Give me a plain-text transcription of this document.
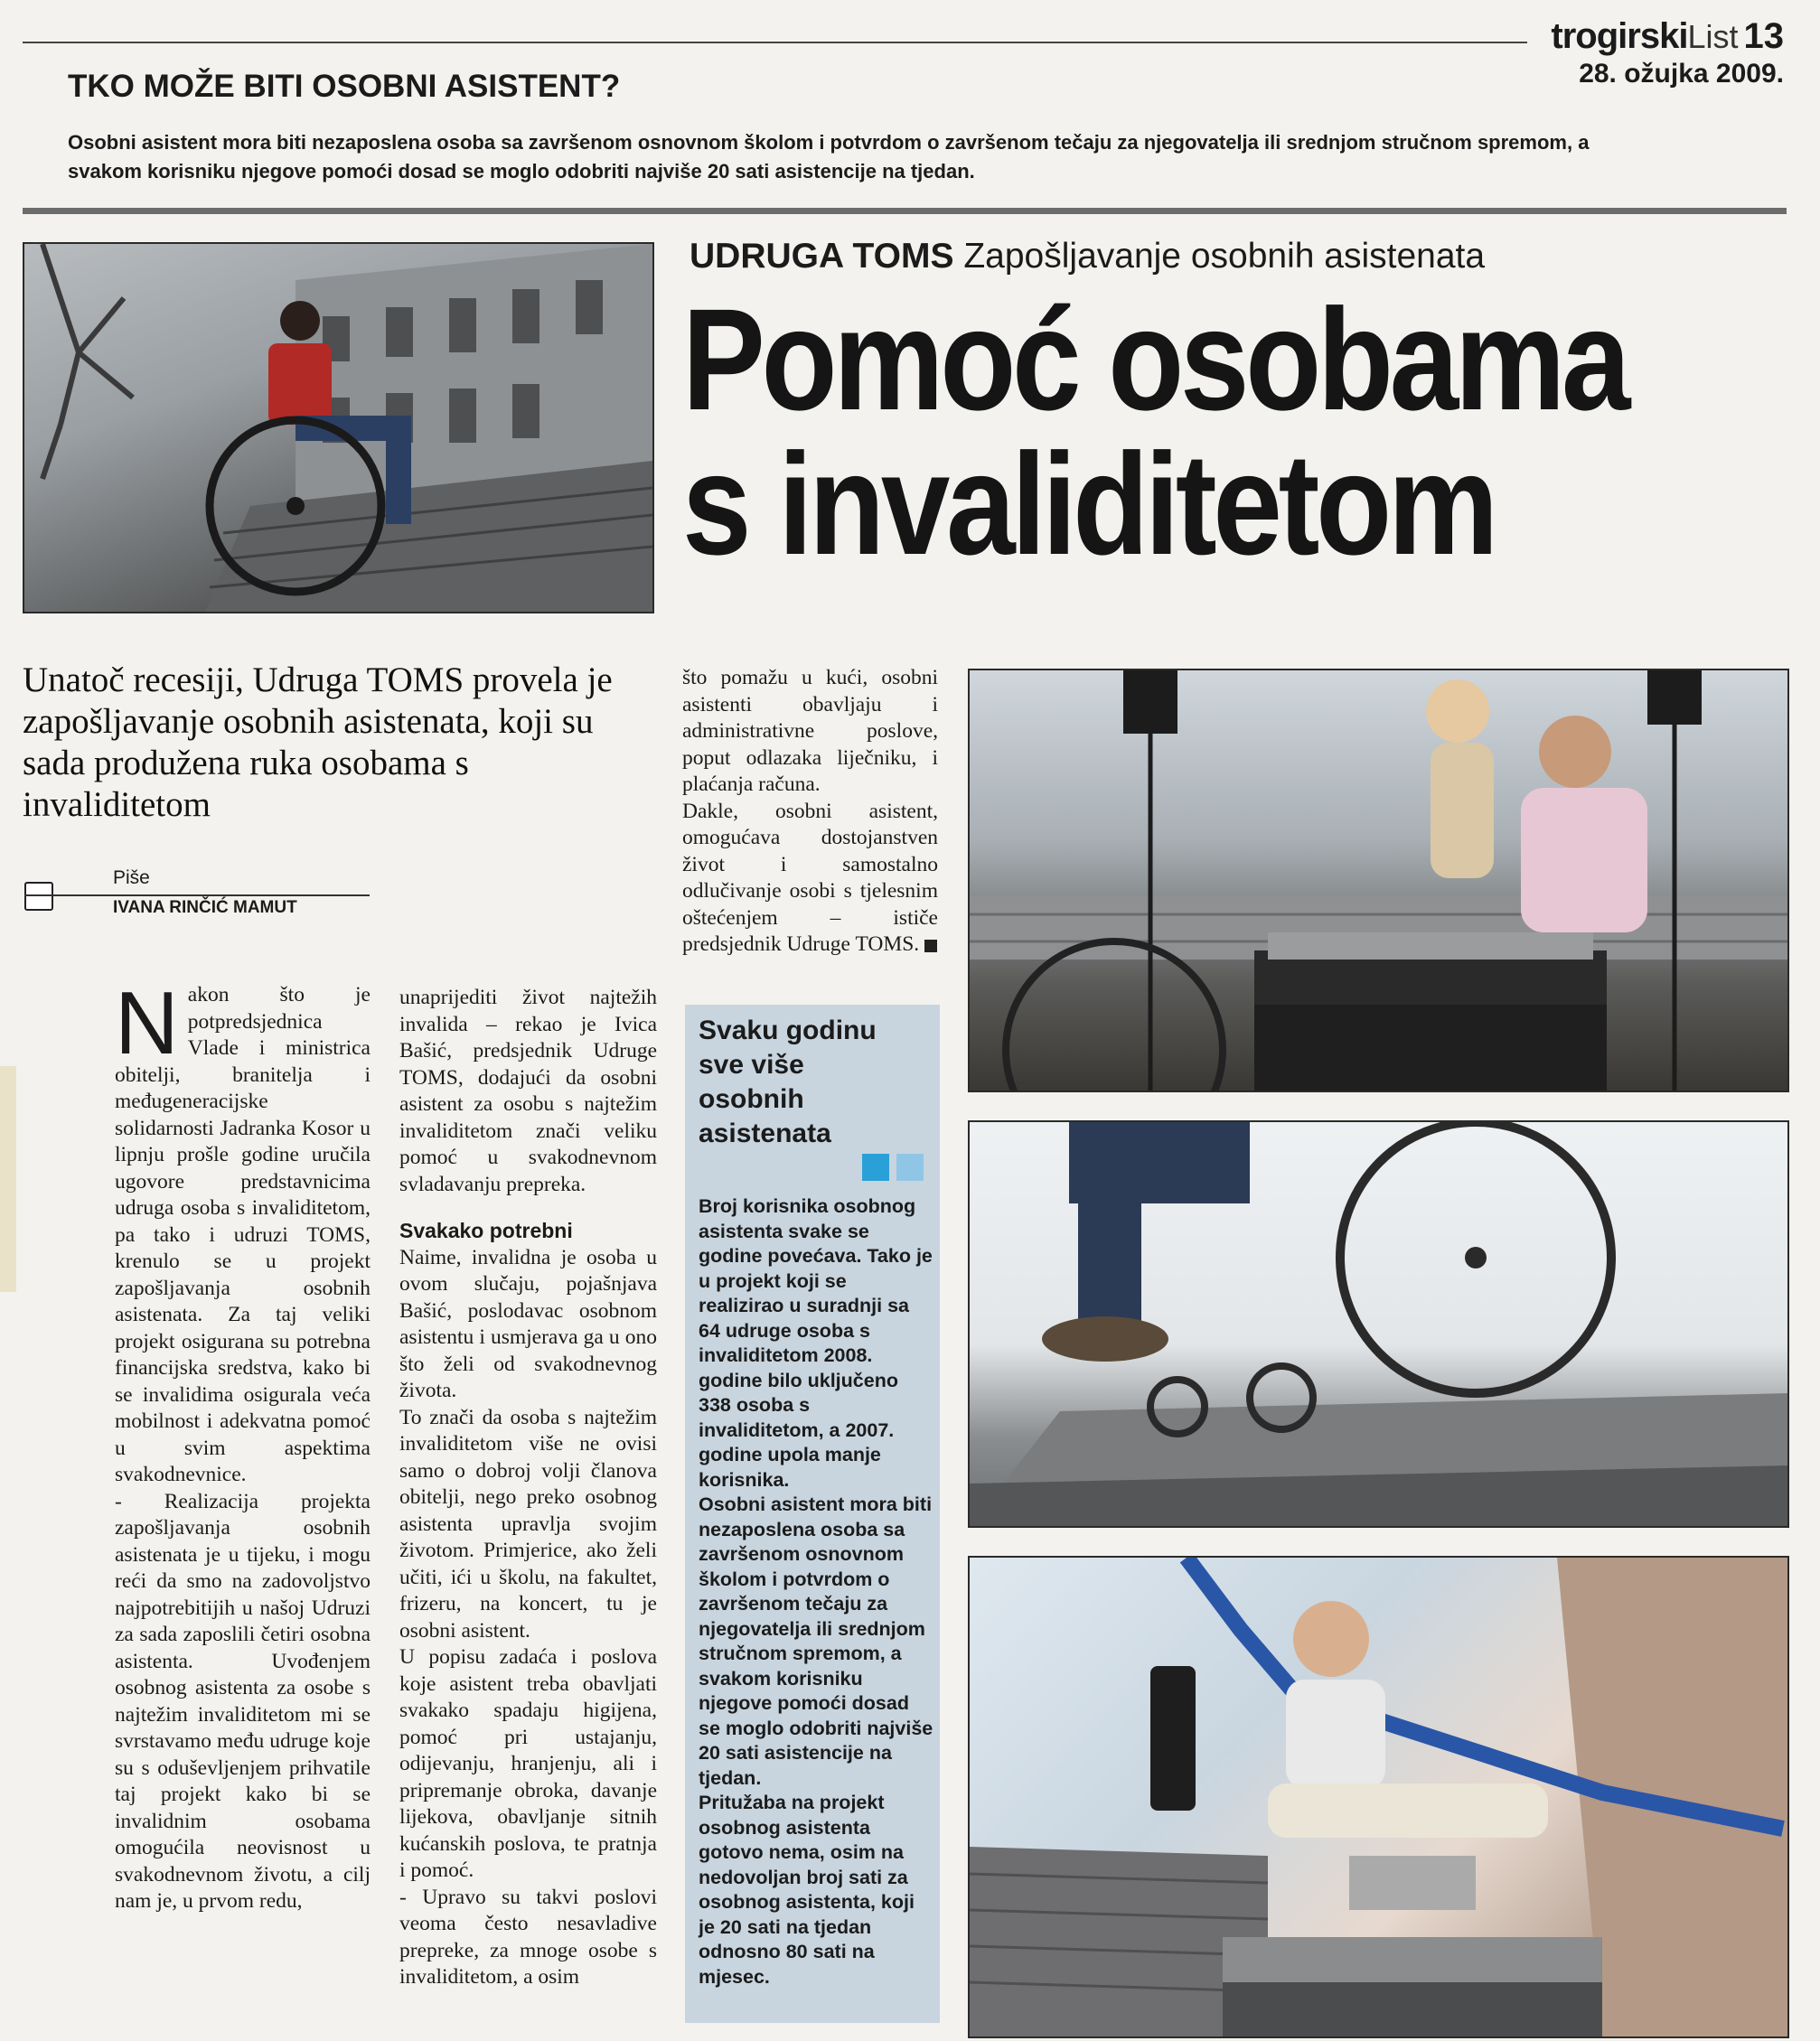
trogirskiList 13
28. ožujka 2009.
TKO MOŽE BITI OSOBNI ASISTENT?
Osobni asistent mora biti nezaposlena osoba sa završenom osnovnom školom i potvrdom o završenom tečaju za njegovatelja ili srednjom stručnom spremom, a svakom korisniku njegove pomoći dosad se moglo odobriti najviše 20 sati asistencije na tjedan.
UDRUGA TOMS Zapošljavanje osobnih asistenata
Pomoć osobama
s invaliditetom
Unatoč recesiji, Udruga TOMS provela je zapošljavanje osobnih asistenata, koji su sada produžena ruka osobama s invaliditetom
Piše
IVANA RINČIĆ MAMUT

Nakon što je potpredsjednica Vlade i ministrica obitelji, branitelja i međugeneracijske solidarnosti Jadranka Kosor u lipnju prošle godine uručila ugovore predstavnicima udruga osoba s invaliditetom, pa tako i udruzi TOMS, krenulo se u projekt zapošljavanja osobnih asistenata. Za taj veliki projekt osigurana su potrebna financijska sredstva, kako bi se invalidima osigurala veća mobilnost i adekvatna pomoć u svim aspektima svakodnevnice.

- Realizacija projekta zapošljavanja osobnih asistenata je u tijeku, i mogu reći da smo na zadovoljstvo najpotrebitijih u našoj Udruzi za sada zaposlili četiri osobna asistenta. Uvođenjem osobnog asistenta za osobe s najtežim invaliditetom mi se svrstavamo među udruge koje su s oduševljenjem prihvatile taj projekt kako bi se invalidnim osobama omogućila neovisnost u svakodnevnom životu, a cilj nam je, u prvom redu,

unaprijediti život najtežih invalida – rekao je Ivica Bašić, predsjednik Udruge TOMS, dodajući da osobni asistent za osobu s najtežim invaliditetom znači veliku pomoć u svakodnevnom svladavanju prepreka.

Svakako potrebni

Naime, invalidna je osoba u ovom slučaju, pojašnjava Bašić, poslodavac osobnom asistentu i usmjerava ga u ono što želi od svakodnevnog života.

To znači da osoba s najtežim invaliditetom više ne ovisi samo o dobroj volji članova obitelji, nego preko osobnog asistenta upravlja svojim životom. Primjerice, ako želi učiti, ići u školu, na fakultet, frizeru, na koncert, tu je osobni asistent.

U popisu zadaća i poslova koje asistent treba obavljati svakako spadaju higijena, pomoć pri ustajanju, odijevanju, hranjenju, ali i pripremanje obroka, davanje lijekova, obavljanje sitnih kućanskih poslova, te pratnja i pomoć.

- Upravo su takvi poslovi veoma često nesavladive prepreke, za mnoge osobe s invaliditetom, a osim

što pomažu u kući, osobni asistenti obavljaju i administrativne poslove, poput odlazaka liječniku, i plaćanja računa.

Dakle, osobni asistent, omogućava dostojanstven život i samostalno odlučivanje osobi s tjelesnim oštećenjem – ističe predsjednik Udruge TOMS.

Svaku godinu sve više osobnih asistenata

Broj korisnika osobnog asistenta svake se godine povećava. Tako je u projekt koji se realizirao u suradnji sa 64 udruge osoba s invaliditetom 2008. godine bilo uključeno 338 osoba s invaliditetom, a 2007. godine upola manje korisnika.

Osobni asistent mora biti nezaposlena osoba sa završenom osnovnom školom i potvrdom o završenom tečaju za njegovatelja ili srednjom stručnom spremom, a svakom korisniku njegove pomoći dosad se moglo odobriti najviše 20 sati asistencije na tjedan.

Pritužaba na projekt osobnog asistenta gotovo nema, osim na nedovoljan broj sati za osobnog asistenta, koji je 20 sati na tjedan odnosno 80 sati na mjesec.
